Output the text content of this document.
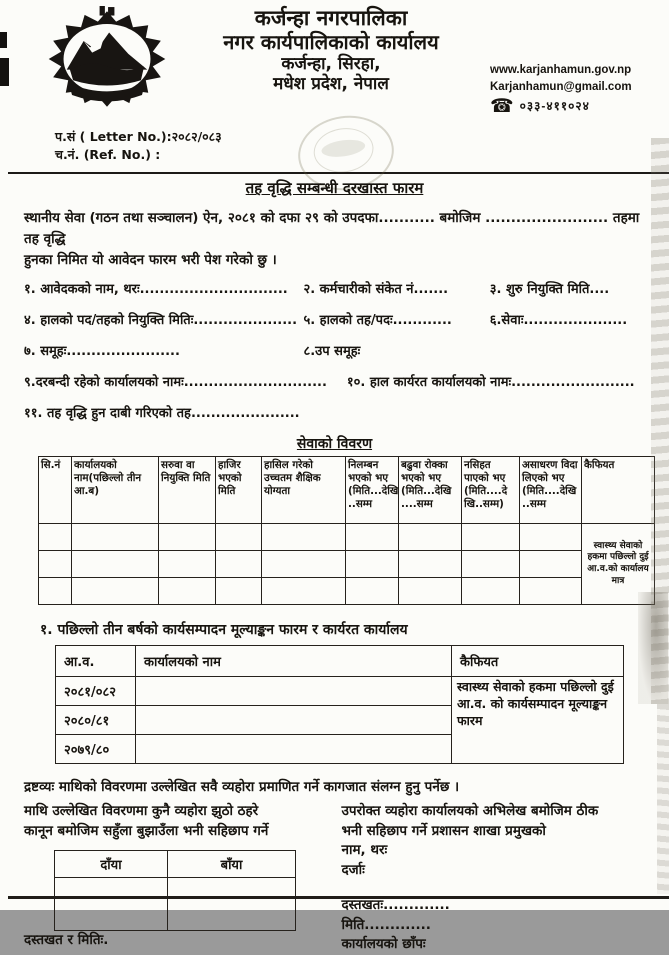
कर्जन्हा नगरपालिका
नगर कार्यपालिकाको कार्यालय
कर्जन्हा, सिरहा,
मधेश प्रदेश, नेपाल
www.karjanhamun.gov.np
Karjanhamun@gmail.com
☎ ०३३-४११०२४
प.सं ( Letter No.):२०८२/०८३
च.नं. (Ref. No.) :
तह वृद्धि सम्बन्धी दरखास्त फारम

स्थानीय सेवा (गठन तथा सञ्चालन) ऐन, २०८१ को दफा २९ को उपदफा........... बमोजिम ........................ तहमा तह वृद्धि
हुनका निमित यो आवेदन फारम भरी पेश गरेको छु ।

१. आवेदकको नाम, थरः..............................	२. कर्मचारीको संकेत नं.......	३. शुरु नियुक्ति मिति....
४. हालको पद/तहको नियुक्ति मितिः..................... ५. हालको तह/पदः............	६.सेवाः.....................
७. समूहः.......................	८.उप समूहः
९.दरबन्दी रहेको कार्यालयको नामः.............................	१०. हाल कार्यरत कार्यालयको नामः.........................
११. तह वृद्धि हुन दाबी गरिएको तह......................
सेवाको विवरण
सि.नं	कार्यालयको नाम(पछिल्लो तीन आ.ब)	सरुवा वा नियुक्ति मिति	हाजिर भएको मिति	हासिल गरेको उच्चतम शैक्षिक योग्यता	निलम्बन भएको भए (मिति...देखि ..सम्म	बढुवा रोक्का भएको भए (मिति...देखि ....सम्म	नसिहत पाएको भए (मिति....दे खि..सम्म)	असाधरण विदा लिएको भए (मिति....देखि ..सम्म	कैफियत
									स्वास्थ्य सेवाको हकमा पछिल्लो दुई आ.व.को कार्यालय मात्र

१. पछिल्लो तीन बर्षको कार्यसम्पादन मूल्याङ्कन फारम र कार्यरत कार्यालय
आ.व.	कार्यालयको नाम	कैफियत
२०८१/०८२		स्वास्थ्य सेवाको हकमा पछिल्लो दुई आ.व. को कार्यसम्पादन मूल्याङ्कन फारम
२०८०/८१		
२०७९/८०		

द्रष्टव्यः माथिको विवरणमा उल्लेखित सवै व्यहोरा प्रमाणित गर्ने कागजात संलग्न हुनु पर्नेछ ।

माथि उल्लेखित विवरणमा कुनै व्यहोरा झुठो ठहरे

कानून बमोजिम सहुँला बुझाउँला भनी सहिछाप गर्ने

दाँया	बाँया

दस्तखत र मितिः.

उपरोक्त व्यहोरा कार्यालयको अभिलेख बमोजिम ठीक

भनी सहिछाप गर्ने प्रशासन शाखा प्रमुखको

नाम, थरः

दर्जाः

दस्तखतः.............

मिति.............

कार्यालयको छाँपः
